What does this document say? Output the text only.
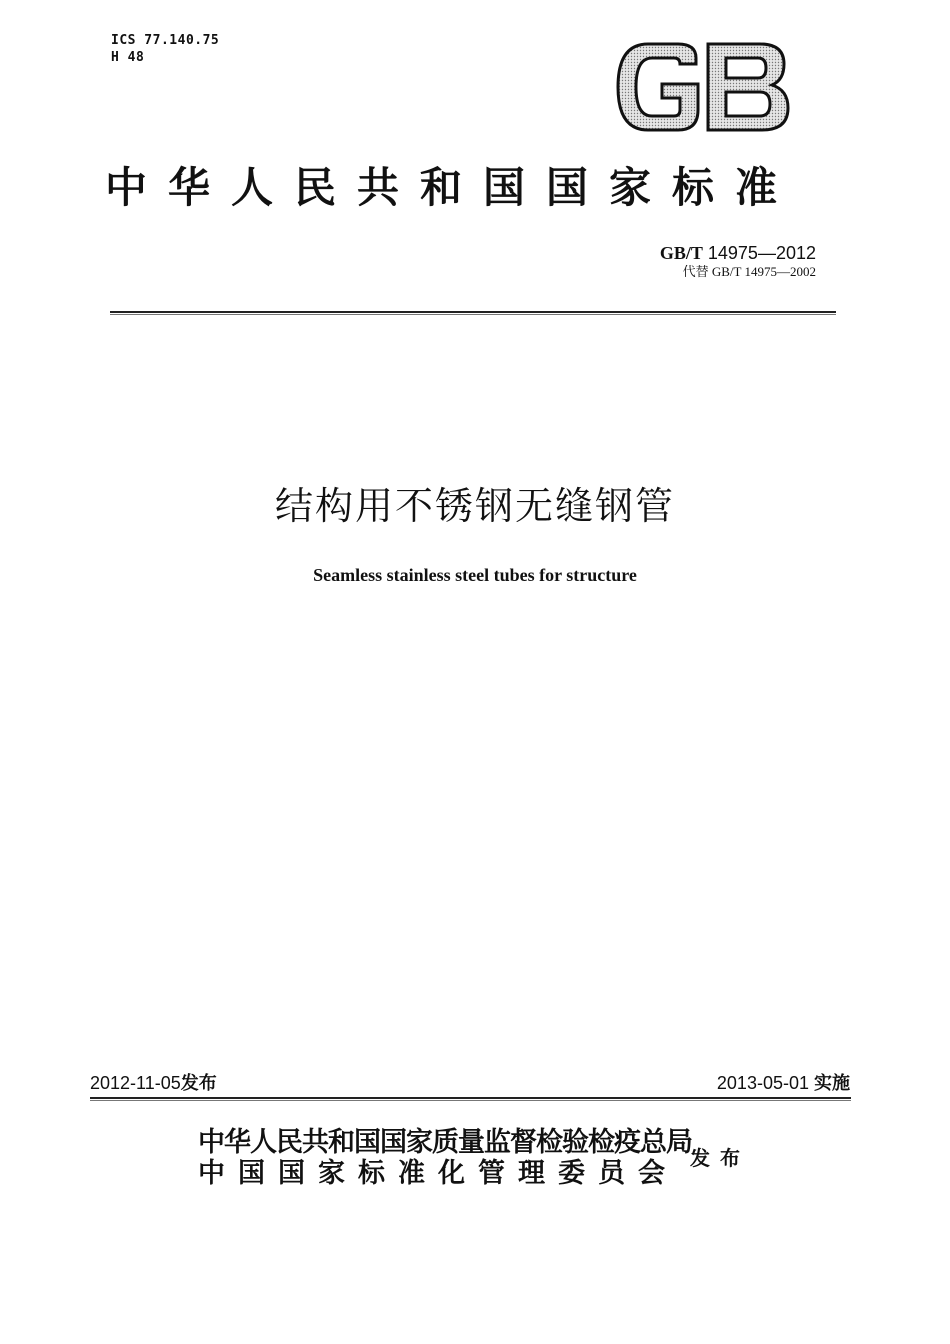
ICS 77.140.75
H 48
中华人民共和国国家标准
GB/T 14975—2012
代替 GB/T 14975—2002
结构用不锈钢无缝钢管
Seamless stainless steel tubes for structure
2012-11-05发布	2013-05-01 实施
中华人民共和国国家质量监督检验检疫总局
中国国家标准化管理委员会 发布
